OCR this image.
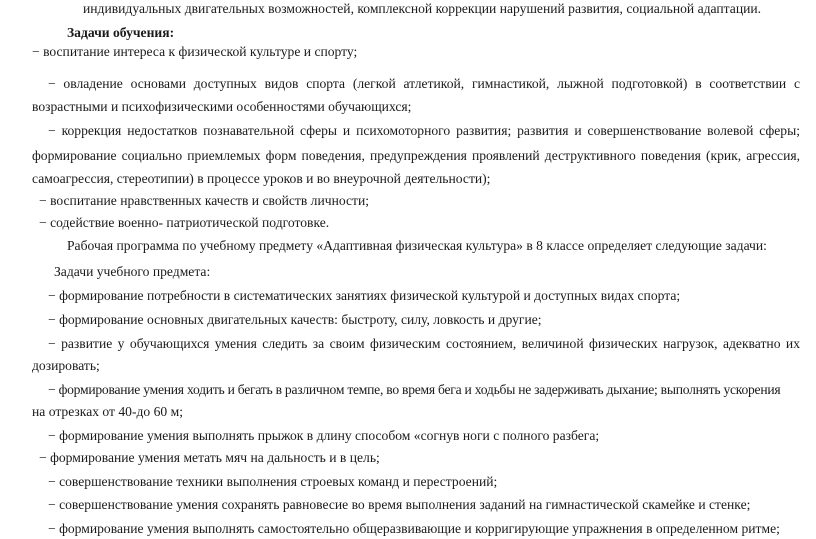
индивидуальных двигательных возможностей, комплексной коррекции нарушений развития, социальной адаптации.
Задачи обучения:
− воспитание интереса к физической культуре и спорту;
− овладение основами доступных видов спорта (легкой атлетикой, гимнастикой, лыжной подготовкой) в соответствии с
возрастными и психофизическими особенностями обучающихся;
− коррекция недостатков познавательной сферы и психомоторного развития; развития и совершенствование волевой сферы;
формирование социально приемлемых форм поведения, предупреждения проявлений деструктивного поведения (крик, агрессия,
самоагрессия, стереотипии) в процессе уроков и во внеурочной деятельности);
− воспитание нравственных качеств и свойств личности;
− содействие военно- патриотической подготовке.
Рабочая программа по учебному предмету «Адаптивная физическая культура» в 8 классе определяет следующие задачи:
Задачи учебного предмета:
− формирование потребности в систематических занятиях физической культурой и доступных видах спорта;
− формирование основных двигательных качеств: быстроту, силу, ловкость и другие;
− развитие у обучающихся умения следить за своим физическим состоянием, величиной физических нагрузок, адекватно их
дозировать;
− формирование умения ходить и бегать в различном темпе, во время бега и ходьбы не задерживать дыхание; выполнять ускорения
на отрезках от 40-до 60 м;
− формирование умения выполнять прыжок в длину способом «согнув ноги с полного разбега;
− формирование умения метать мяч на дальность и в цель;
− совершенствование техники выполнения строевых команд и перестроений;
− совершенствование умения сохранять равновесие во время выполнения заданий на гимнастической скамейке и стенке;
− формирование умения выполнять самостоятельно общеразвивающие и корригирующие упражнения в определенном ритме;
